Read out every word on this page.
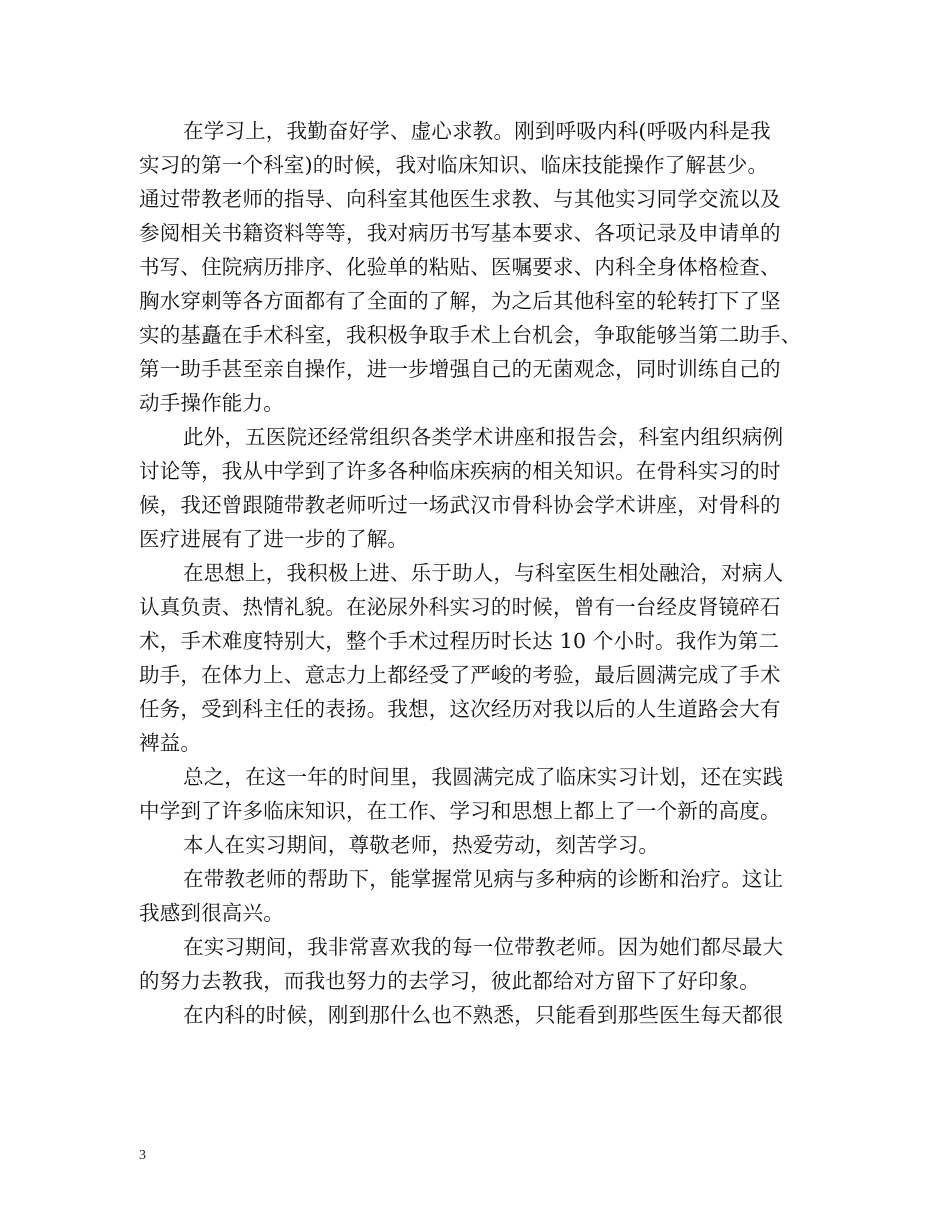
在学习上，我勤奋好学、虚心求教。刚到呼吸内科(呼吸内科是我
实习的第一个科室)的时候，我对临床知识、临床技能操作了解甚少。
通过带教老师的指导、向科室其他医生求教、与其他实习同学交流以及
参阅相关书籍资料等等，我对病历书写基本要求、各项记录及申请单的
书写、住院病历排序、化验单的粘贴、医嘱要求、内科全身体格检查、
胸水穿刺等各方面都有了全面的了解，为之后其他科室的轮转打下了坚
实的基矗在手术科室，我积极争取手术上台机会，争取能够当第二助手、
第一助手甚至亲自操作，进一步增强自己的无菌观念，同时训练自己的
动手操作能力。

此外，五医院还经常组织各类学术讲座和报告会，科室内组织病例
讨论等，我从中学到了许多各种临床疾病的相关知识。在骨科实习的时
候，我还曾跟随带教老师听过一场武汉市骨科协会学术讲座，对骨科的
医疗进展有了进一步的了解。

在思想上，我积极上进、乐于助人，与科室医生相处融洽，对病人
认真负责、热情礼貌。在泌尿外科实习的时候，曾有一台经皮肾镜碎石
术，手术难度特别大，整个手术过程历时长达 10 个小时。我作为第二
助手，在体力上、意志力上都经受了严峻的考验，最后圆满完成了手术
任务，受到科主任的表扬。我想，这次经历对我以后的人生道路会大有
裨益。

总之，在这一年的时间里，我圆满完成了临床实习计划，还在实践
中学到了许多临床知识，在工作、学习和思想上都上了一个新的高度。

本人在实习期间，尊敬老师，热爱劳动，刻苦学习。

在带教老师的帮助下，能掌握常见病与多种病的诊断和治疗。这让
我感到很高兴。

在实习期间，我非常喜欢我的每一位带教老师。因为她们都尽最大
的努力去教我，而我也努力的去学习，彼此都给对方留下了好印象。

在内科的时候，刚到那什么也不熟悉，只能看到那些医生每天都很

3
